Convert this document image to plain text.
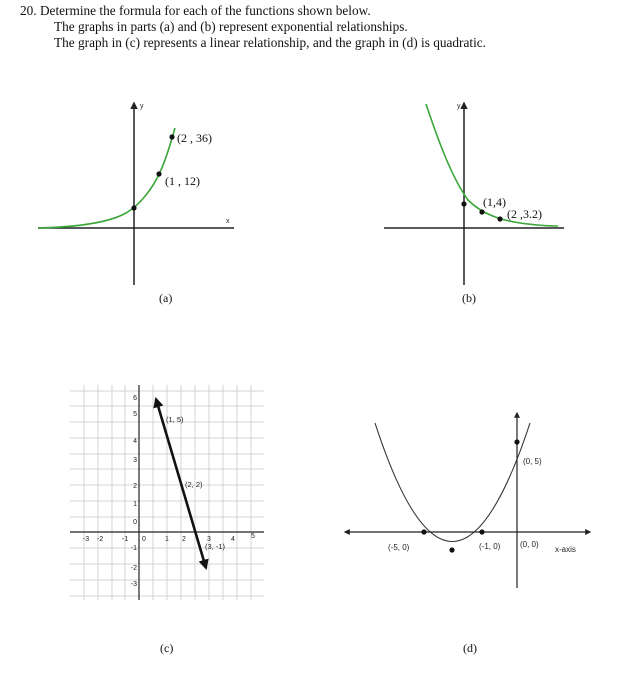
20. Determine the formula for each of the functions shown below.
The graphs in parts (a) and (b) represent exponential relationships.
The graph in (c) represents a linear relationship, and the graph in (d) is quadratic.
y
x
(2 , 36)
(1 , 12)
(a)
y
(1,4)
(2 ,3.2)
(b)
6
5
4
3
2
1
0
-1
-2
-3
-3 -2	-1 0	1 2	3	4 5
(1, 5)
(2, 2)
(3, -1)
(c)
(0, 5)
(-5, 0)	(-1, 0) (0, 0)
x-axis
(d)
